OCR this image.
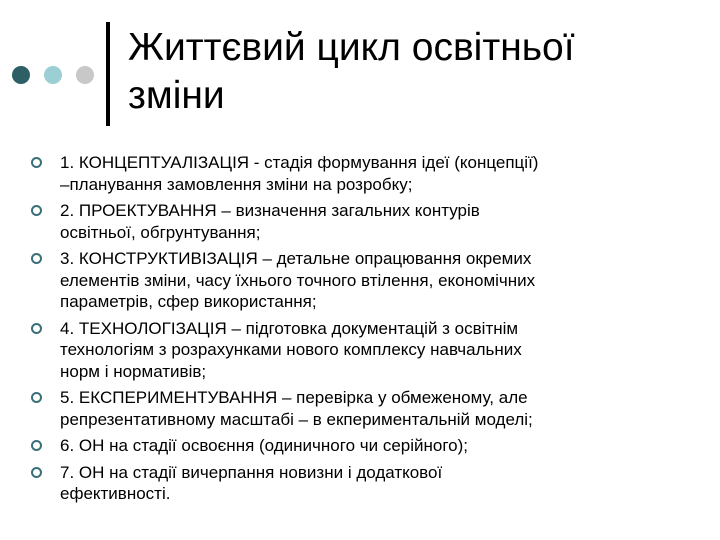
Життєвий цикл освітньої
зміни
1. КОНЦЕПТУАЛІЗАЦІЯ - стадія формування ідеї (концепції)
–планування замовлення зміни на розробку;
2. ПРОЕКТУВАННЯ – визначення загальних контурів
освітньої, обгрунтування;
3. КОНСТРУКТИВІЗАЦІЯ – детальне опрацювання окремих
елементів зміни, часу їхнього точного втілення, економічних
параметрів, сфер використання;
4. ТЕХНОЛОГІЗАЦІЯ – підготовка документацій з освітнім
технологіям з розрахунками нового комплексу навчальних
норм і нормативів;
5. ЕКСПЕРИМЕНТУВАННЯ – перевірка у обмеженому, але
репрезентативному масштабі – в екпериментальній моделі;
6. ОН на стадії освоєння (одиничного чи серійного);
7. ОН на стадії вичерпання новизни і додаткової
ефективності.
